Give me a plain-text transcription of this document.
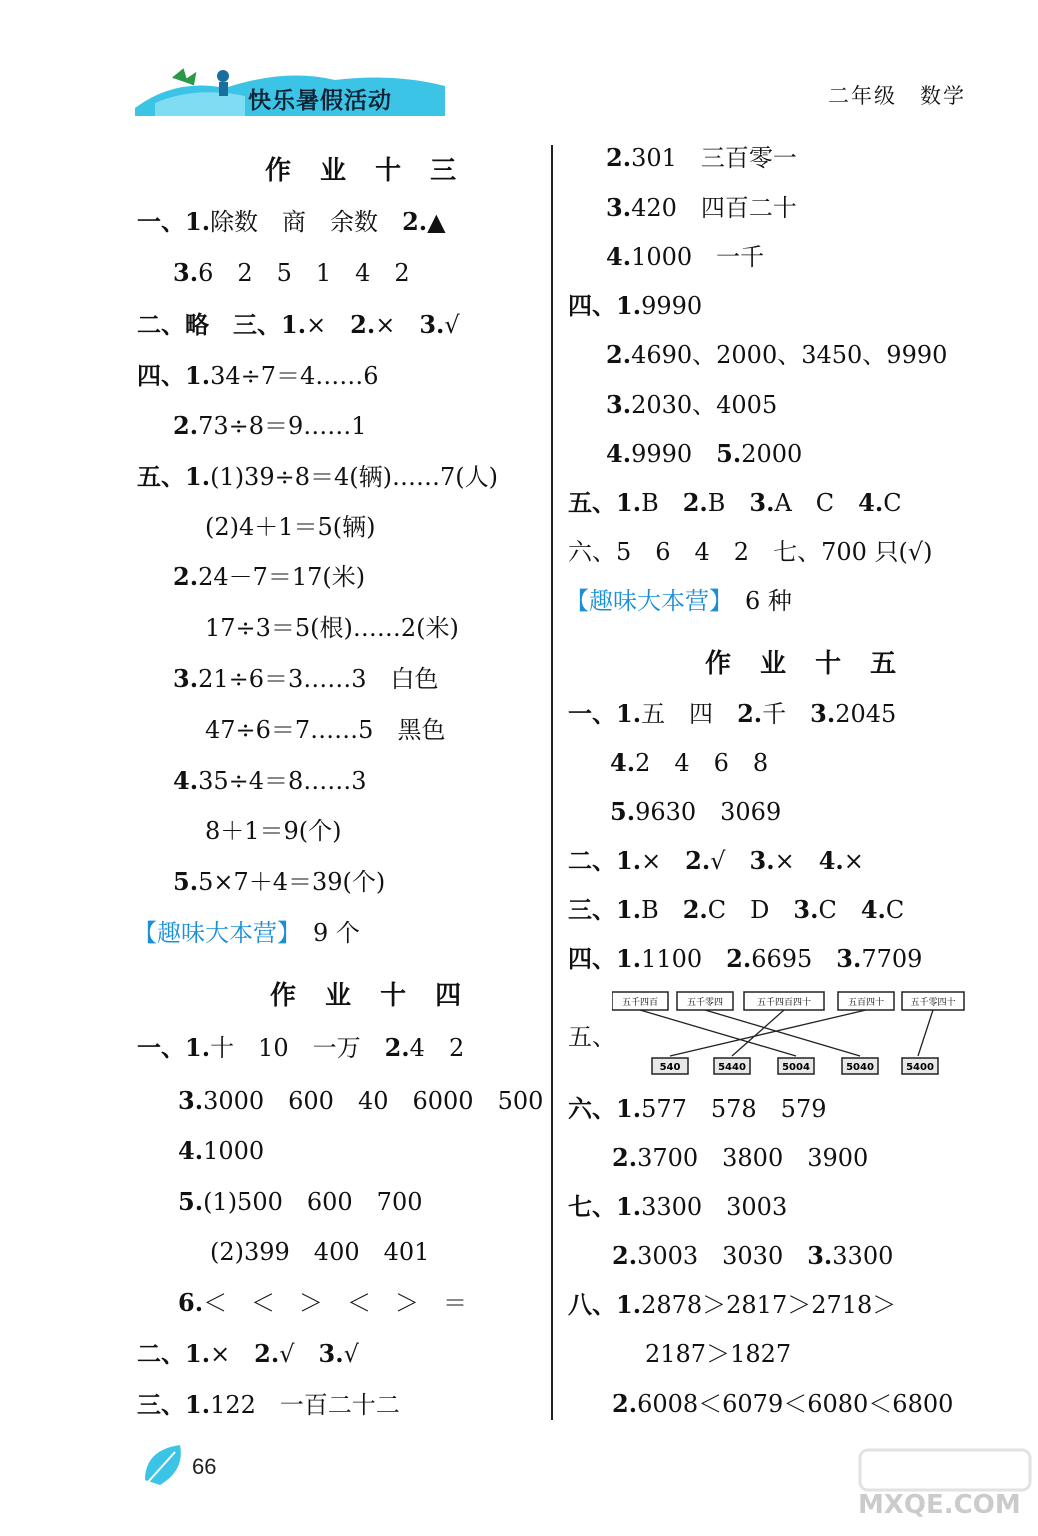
快乐暑假活动	二年级　数学
作 业 十 三
一、1.除数　商　余数　 2.▲
3.6　2　5　1　4　2
二、略　三、1.×　 2.×　 3.√
四、1.34÷7＝4……6
2.73÷8＝9……1
五、1.(1)39÷8＝4(辆)……7(人)
(2)4＋1＝5(辆)
2.24－7＝17(米)
17÷3＝5(根)……2(米)
3.21÷6＝3……3　白色
47÷6＝7……5　黑色
4.35÷4＝8……3
8＋1＝9(个)
5.5×7＋4＝39(个)
【趣味大本营】　 9 个
作 业 十 四
一、1.十　10　一万　 2.4　2
3.3000　600　40　6000　500
4.1000
5.(1)500　600　700
(2)399　400　401
6.＜　＜　＞　＜　＞　＝
二、1.×　 2.√　 3.√
三、1.122　一百二十二
2.301　三百零一
3.420　四百二十
4.1000　一千
四、1.9990
2.4690、2000、3450、9990
3.2030、4005
4.9990　 5.2000
五、1.B　 2.B　 3.A　C　 4.C
六、5　6　4　2　七、700 只(√)
【趣味大本营】　 6 种
作 业 十 五
一、1.五　四　 2.千　 3.2045
4.2　4　6　8
5.9630　3069
二、1.×　 2.√　 3.×　 4.×
三、1.B　 2.C　D　 3.C　 4.C
四、1.1100　 2.6695　 3.7709
五、
五千四百	五千零四	五千四百四十	五百四十	五千零四十
540	5440	5004	5040	5400
六、1.577　578　579
2.3700　3800　3900
七、1.3300　3003
2.3003　3030　 3.3300
八、1.2878＞2817＞2718＞
2187＞1827
2.6008＜6079＜6080＜6800
66
MXQE.COM
